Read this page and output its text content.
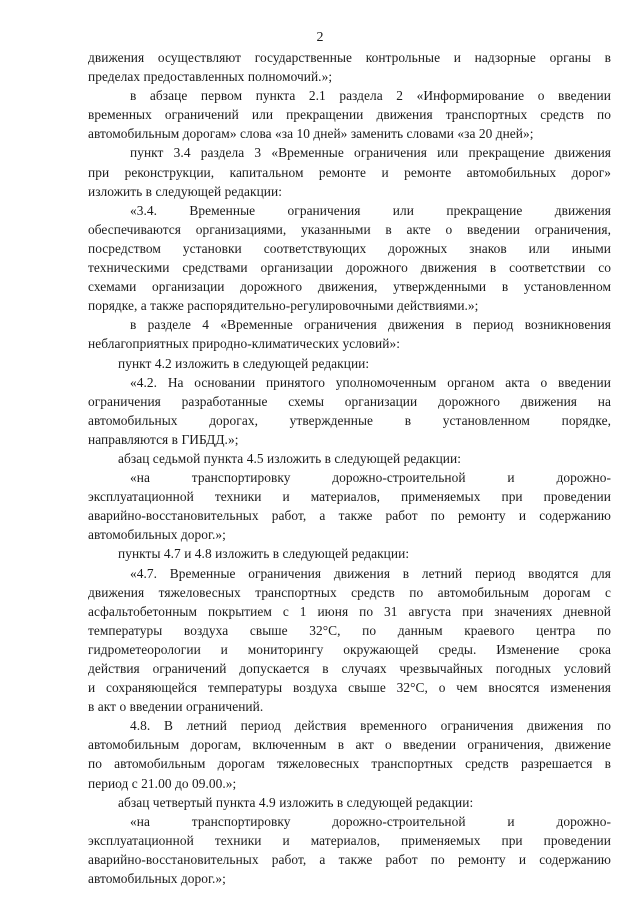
2
движения осуществляют государственные контрольные и надзорные органы в
пределах предоставленных полномочий.»;
в абзаце первом пункта 2.1 раздела 2 «Информирование о введении
временных ограничений или прекращении движения транспортных средств по
автомобильным дорогам» слова «за 10 дней» заменить словами «за 20 дней»;
пункт 3.4 раздела 3 «Временные ограничения или прекращение движения
при реконструкции, капитальном ремонте и ремонте автомобильных дорог»
изложить в следующей редакции:
«3.4. Временные ограничения или прекращение движения
обеспечиваются организациями, указанными в акте о введении ограничения,
посредством установки соответствующих дорожных знаков или иными
техническими средствами организации дорожного движения в соответствии со
схемами организации дорожного движения, утвержденными в установленном
порядке, а также распорядительно-регулировочными действиями.»;
в разделе 4 «Временные ограничения движения в период возникновения
неблагоприятных природно-климатических условий»:
пункт 4.2 изложить в следующей редакции:
«4.2. На основании принятого уполномоченным органом акта о введении
ограничения разработанные схемы организации дорожного движения на
автомобильных дорогах, утвержденные в установленном порядке,
направляются в ГИБДД.»;
абзац седьмой пункта 4.5 изложить в следующей редакции:
«на транспортировку дорожно-строительной и дорожно-
эксплуатационной техники и материалов, применяемых при проведении
аварийно-восстановительных работ, а также работ по ремонту и содержанию
автомобильных дорог.»;
пункты 4.7 и 4.8 изложить в следующей редакции:
«4.7. Временные ограничения движения в летний период вводятся для
движения тяжеловесных транспортных средств по автомобильным дорогам с
асфальтобетонным покрытием с 1 июня по 31 августа при значениях дневной
температуры воздуха свыше 32°С, по данным краевого центра по
гидрометеорологии и мониторингу окружающей среды. Изменение срока
действия ограничений допускается в случаях чрезвычайных погодных условий
и сохраняющейся температуры воздуха свыше 32°С, о чем вносятся изменения
в акт о введении ограничений.
4.8. В летний период действия временного ограничения движения по
автомобильным дорогам, включенным в акт о введении ограничения, движение
по автомобильным дорогам тяжеловесных транспортных средств разрешается в
период с 21.00 до 09.00.»;
абзац четвертый пункта 4.9 изложить в следующей редакции:
«на транспортировку дорожно-строительной и дорожно-
эксплуатационной техники и материалов, применяемых при проведении
аварийно-восстановительных работ, а также работ по ремонту и содержанию
автомобильных дорог.»;
